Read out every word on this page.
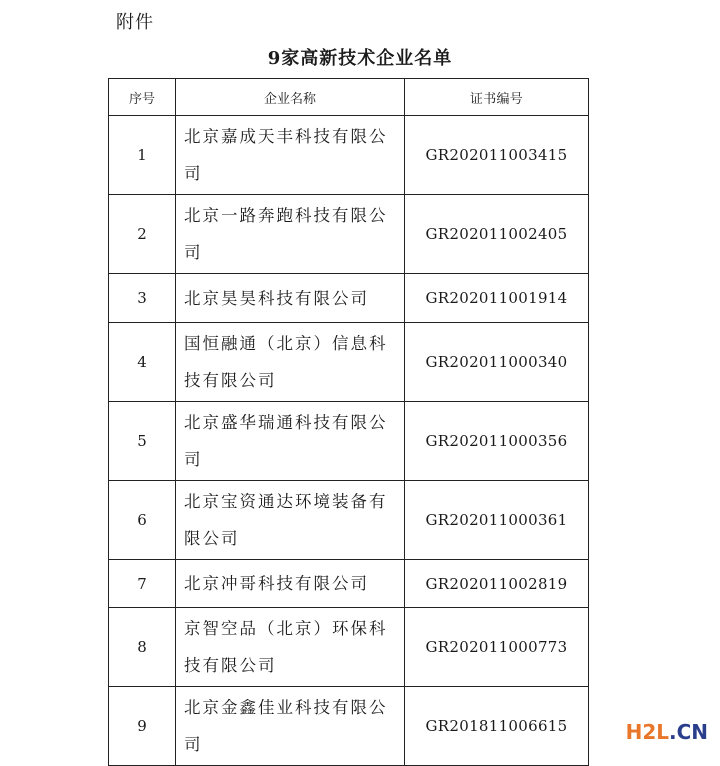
附件
9家高新技术企业名单
序号	企业名称	证书编号
1	北京嘉成天丰科技有限公司	GR202011003415
2	北京一路奔跑科技有限公司	GR202011002405
3	北京昊昊科技有限公司	GR202011001914
4	国恒融通（北京）信息科技有限公司	GR202011000340
5	北京盛华瑞通科技有限公司	GR202011000356
6	北京宝资通达环境装备有限公司	GR202011000361
7	北京冲哥科技有限公司	GR202011002819
8	京智空品（北京）环保科技有限公司	GR202011000773
9	北京金鑫佳业科技有限公司	GR201811006615	H2L.CN
